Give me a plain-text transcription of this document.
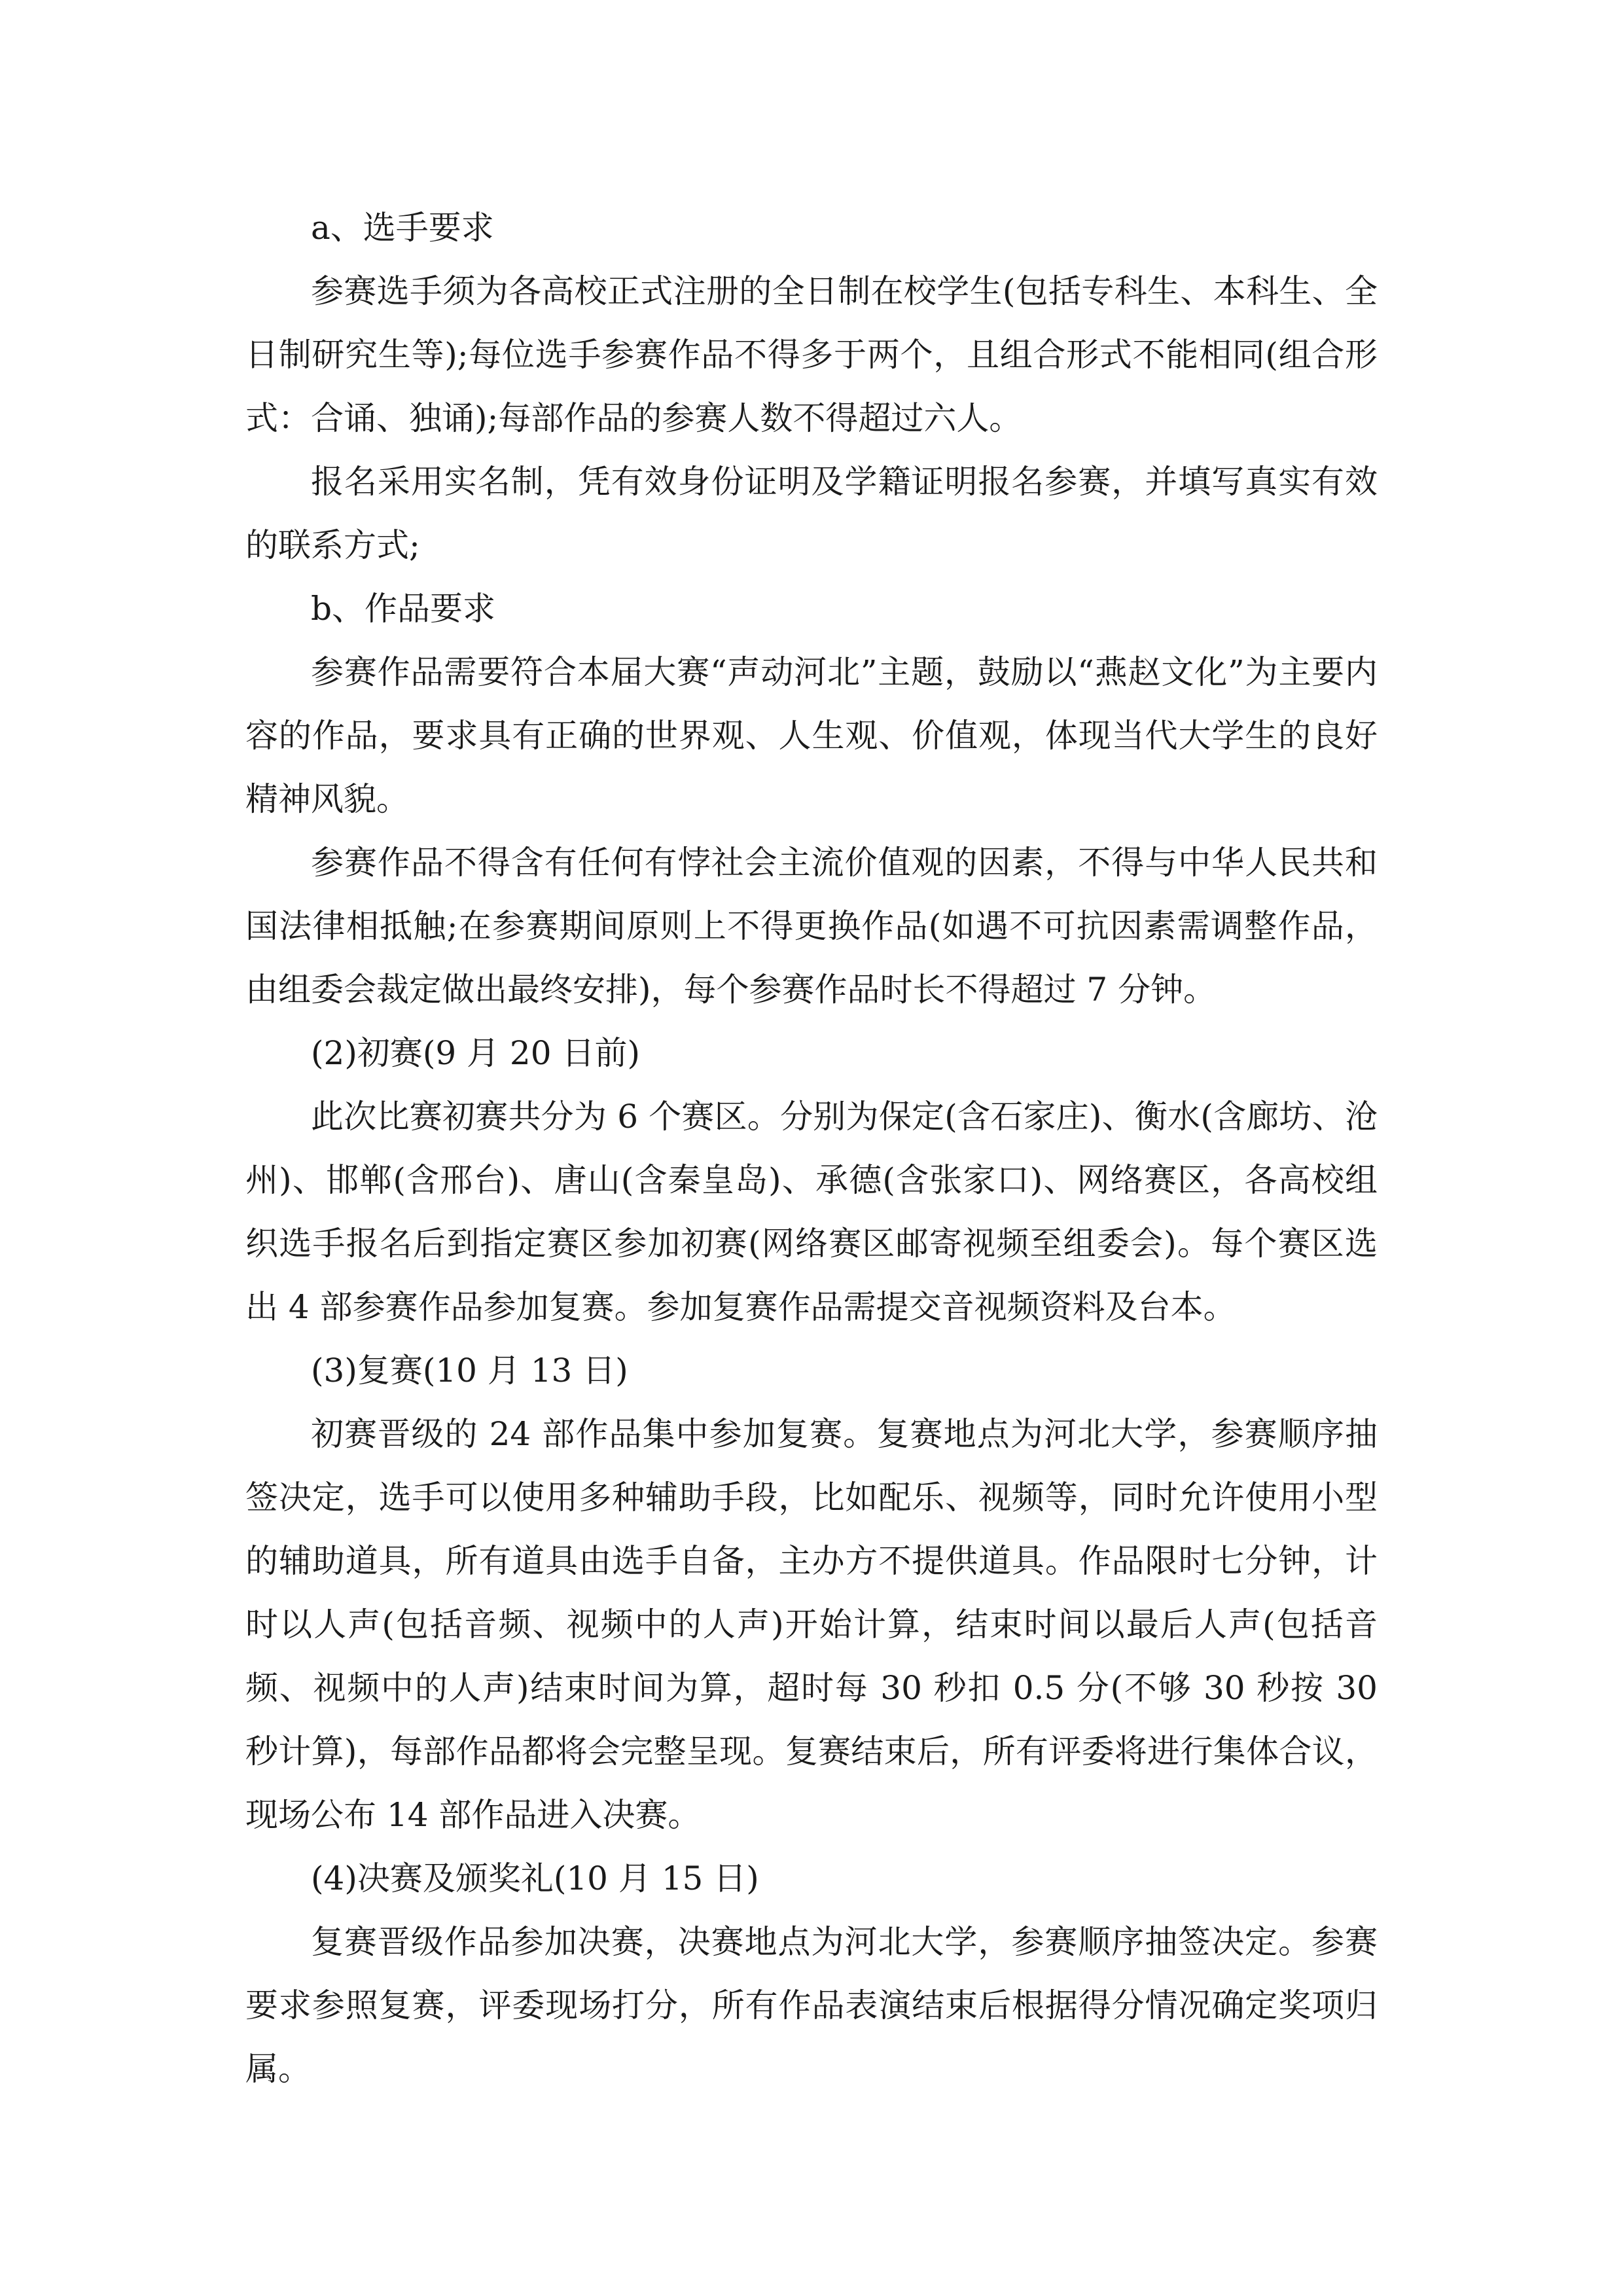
a、选手要求

参赛选手须为各高校正式注册的全日制在校学生(包括专科生、本科生、全日制研究生等);每位选手参赛作品不得多于两个，且组合形式不能相同(组合形式：合诵、独诵);每部作品的参赛人数不得超过六人。

报名采用实名制，凭有效身份证明及学籍证明报名参赛，并填写真实有效的联系方式;

b、作品要求

参赛作品需要符合本届大赛“声动河北”主题，鼓励以“燕赵文化”为主要内容的作品，要求具有正确的世界观、人生观、价值观，体现当代大学生的良好精神风貌。

参赛作品不得含有任何有悖社会主流价值观的因素，不得与中华人民共和国法律相抵触;在参赛期间原则上不得更换作品(如遇不可抗因素需调整作品，由组委会裁定做出最终安排)，每个参赛作品时长不得超过 7 分钟。

(2)初赛(9 月 20 日前)

此次比赛初赛共分为 6 个赛区。分别为保定(含石家庄)、衡水(含廊坊、沧州)、邯郸(含邢台)、唐山(含秦皇岛)、承德(含张家口)、网络赛区，各高校组织选手报名后到指定赛区参加初赛(网络赛区邮寄视频至组委会)。每个赛区选出 4 部参赛作品参加复赛。参加复赛作品需提交音视频资料及台本。

(3)复赛(10 月 13 日)

初赛晋级的 24 部作品集中参加复赛。复赛地点为河北大学，参赛顺序抽签决定，选手可以使用多种辅助手段，比如配乐、视频等，同时允许使用小型的辅助道具，所有道具由选手自备，主办方不提供道具。作品限时七分钟，计时以人声(包括音频、视频中的人声)开始计算，结束时间以最后人声(包括音频、视频中的人声)结束时间为算，超时每 30 秒扣 0.5 分(不够 30 秒按 30 秒计算)，每部作品都将会完整呈现。复赛结束后，所有评委将进行集体合议，现场公布 14 部作品进入决赛。

(4)决赛及颁奖礼(10 月 15 日)

复赛晋级作品参加决赛，决赛地点为河北大学，参赛顺序抽签决定。参赛要求参照复赛，评委现场打分，所有作品表演结束后根据得分情况确定奖项归属。
